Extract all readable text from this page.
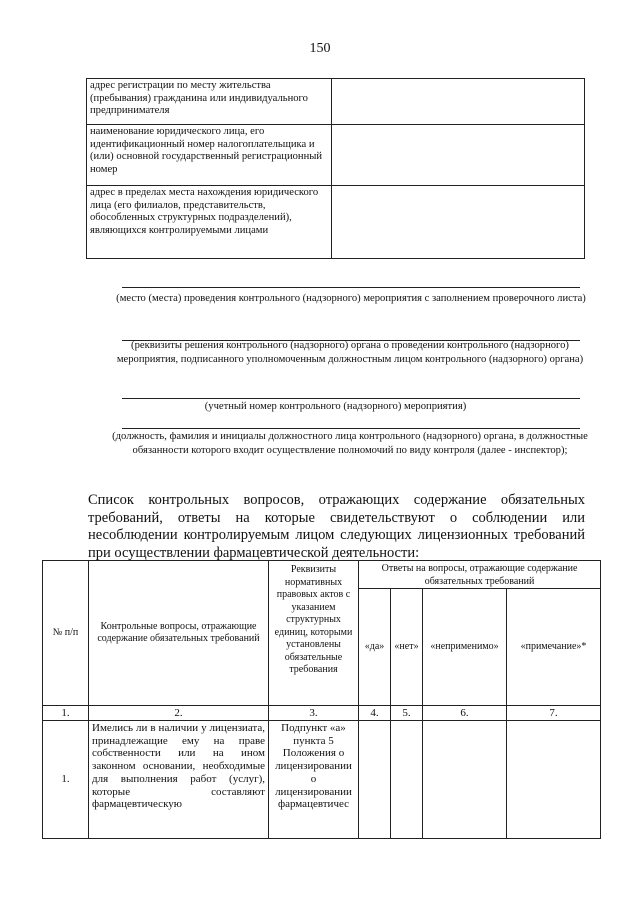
150
адрес регистрации по месту жительства (пребывания) гражданина или индивидуального предпринимателя	
наименование юридического лица, его идентификационный номер налогоплательщика и (или) основной государственный регистрационный номер	
адрес в пределах места нахождения юридического лица (его филиалов, представительств, обособленных структурных подразделений), являющихся контролируемыми лицами	
(место (места) проведения контрольного (надзорного) мероприятия с заполнением проверочного листа)
(реквизиты решения контрольного (надзорного) органа о проведении контрольного (надзорного) мероприятия, подписанного уполномоченным должностным лицом контрольного (надзорного) органа)
(учетный номер контрольного (надзорного) мероприятия)
(должность, фамилия и инициалы должностного лица контрольного (надзорного) органа, в должностные обязанности которого входит осуществление полномочий по виду контроля (далее - инспектор);
Список контрольных вопросов, отражающих содержание обязательных требований, ответы на которые свидетельствуют о соблюдении или несоблюдении контролируемым лицом следующих лицензионных требований при осуществлении фармацевтической деятельности:
№ п/п	Контрольные вопросы, отражающие содержание обязательных требований	Реквизиты нормативных правовых актов с указанием структурных единиц, которыми установлены обязательные требования	Ответы на вопросы, отражающие содержание обязательных требований			
			«да»	«нет»	«неприменимо»	«примечание»*
1.	2.	3.	4.	5.	6.	7.
1.	Имелись ли в наличии у лицензиата, принадлежащие ему на праве собственности или на ином законном основании, необходимые для выполнения работ (услуг), которые составляют фармацевтическую	Подпункт «а» пункта 5 Положения о лицензировании о лицензировании фармацевтичес				
